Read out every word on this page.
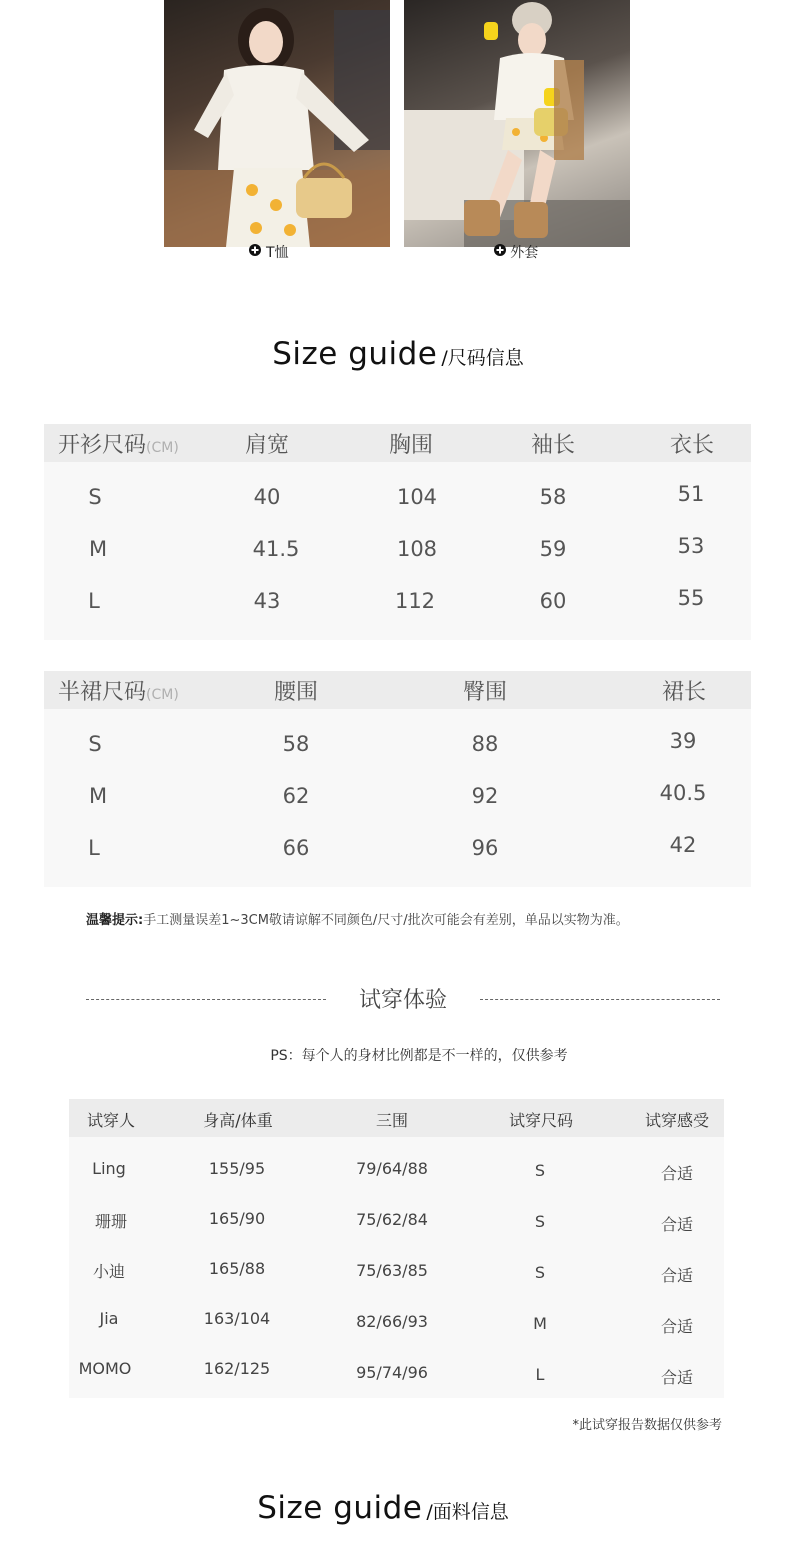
T恤	外套
Size guide /尺码信息
开衫尺码(CM)	肩宽	胸围	袖长	衣长
S	40	104	58	51
M	41.5	108	59	53
L	43	112	60	55
半裙尺码(CM)	腰围	臀围	裙长
S	58	88	39
M	62	92	40.5
L	66	96	42
温馨提示:手工测量误差1~3CM敬请谅解不同颜色/尺寸/批次可能会有差别，单品以实物为准。
试穿体验
PS：每个人的身材比例都是不一样的，仅供参考
试穿人	身高/体重	三围	试穿尺码	试穿感受
Ling	155/95	79/64/88	S	合适
珊珊	165/90	75/62/84	S	合适
小迪	165/88	75/63/85	S	合适
Jia	163/104	82/66/93	M	合适
MOMO	162/125	95/74/96	L	合适
*此试穿报告数据仅供参考
Size guide /面料信息
